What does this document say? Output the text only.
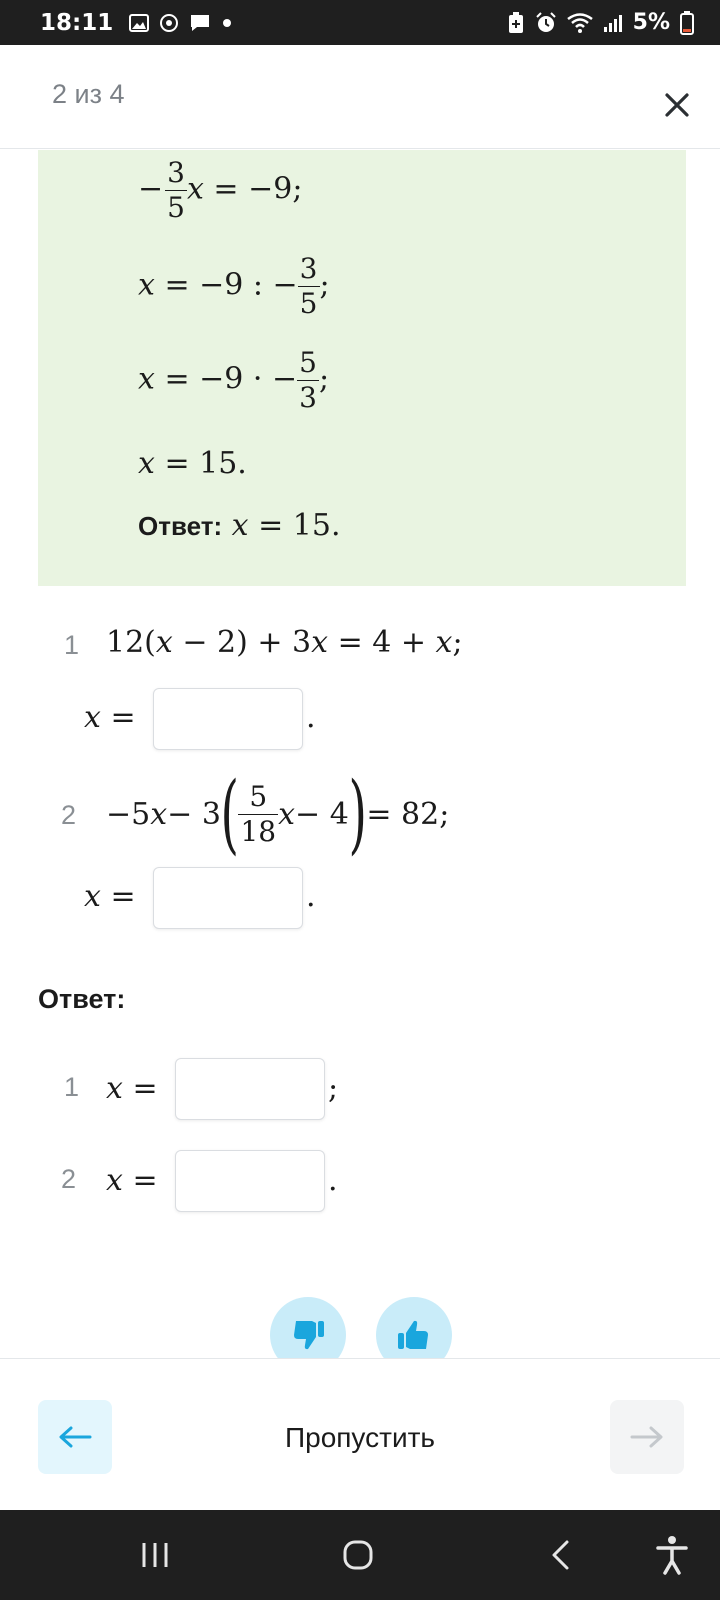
18:11	5%
2 из 4
− $\frac{3}{5}$ x = −9;
x = −9 : − $\frac{3}{5}$ ;
x = −9 · − $\frac{5}{3}$ ;
x = 15.
Ответ: x = 15.
1 12(x − 2) + 3x = 4 + x;
x =	.
2 −5 x − 3 ( $\frac{5}{18}$ x − 4 ) = 82;
x =	.
Ответ:
1 x =	;
2 x =	.
Пропустить
